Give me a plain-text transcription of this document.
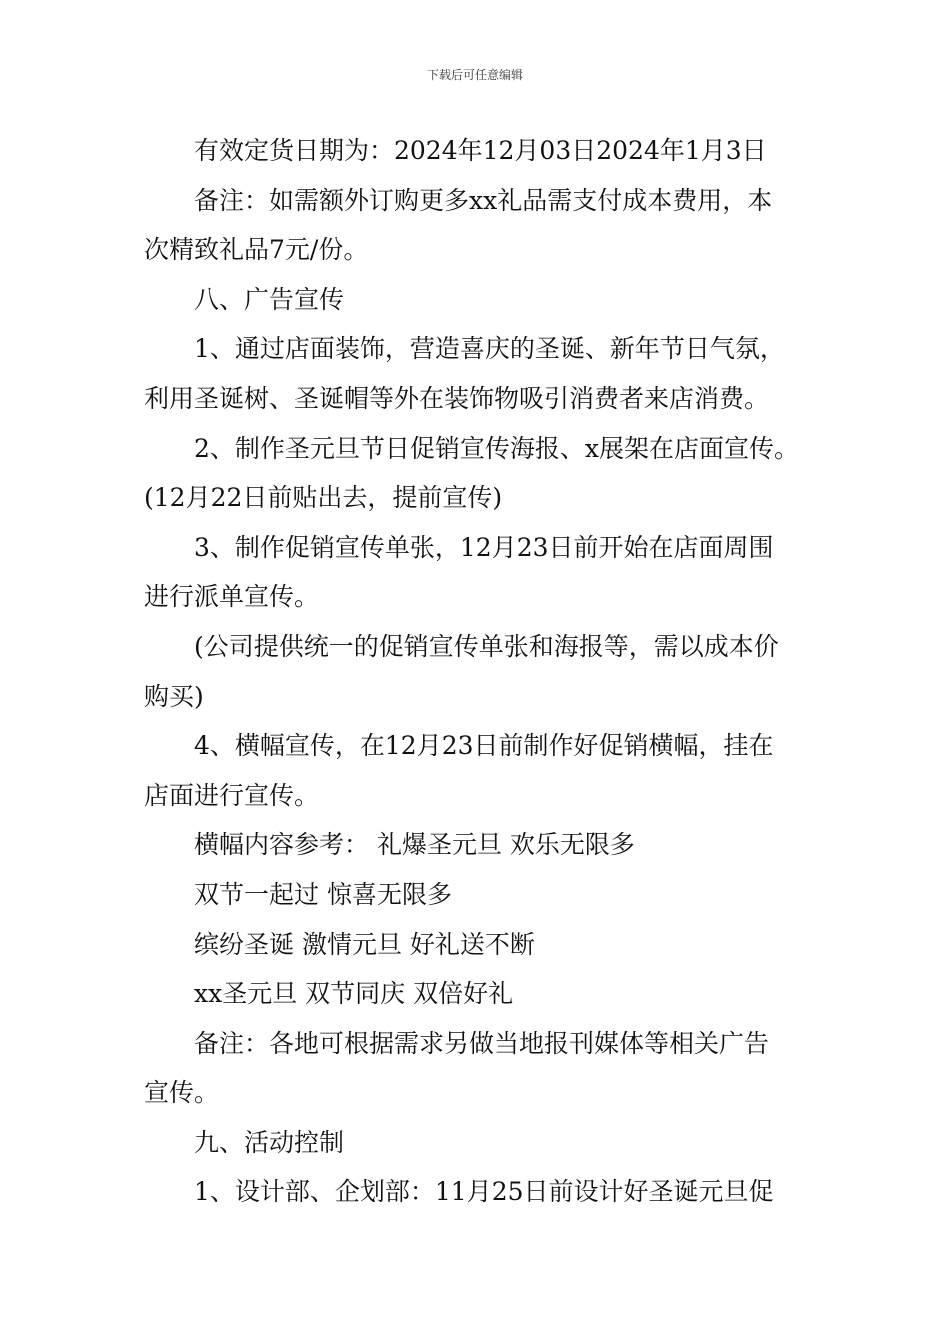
下载后可任意编辑
有效定货日期为：2024年12月03日2024年1月3日
备注：如需额外订购更多xx礼品需支付成本费用，本
次精致礼品7元/份。
八、广告宣传
1、通过店面装饰，营造喜庆的圣诞、新年节日气氛，
利用圣诞树、圣诞帽等外在装饰物吸引消费者来店消费。
2、制作圣元旦节日促销宣传海报、x展架在店面宣传。
(12月22日前贴出去，提前宣传)
3、制作促销宣传单张，12月23日前开始在店面周围
进行派单宣传。
(公司提供统一的促销宣传单张和海报等，需以成本价
购买)
4、横幅宣传，在12月23日前制作好促销横幅，挂在
店面进行宣传。
横幅内容参考： 礼爆圣元旦 欢乐无限多
双节一起过 惊喜无限多
缤纷圣诞 激情元旦 好礼送不断
xx圣元旦 双节同庆 双倍好礼
备注：各地可根据需求另做当地报刊媒体等相关广告
宣传。
九、活动控制
1、设计部、企划部：11月25日前设计好圣诞元旦促
